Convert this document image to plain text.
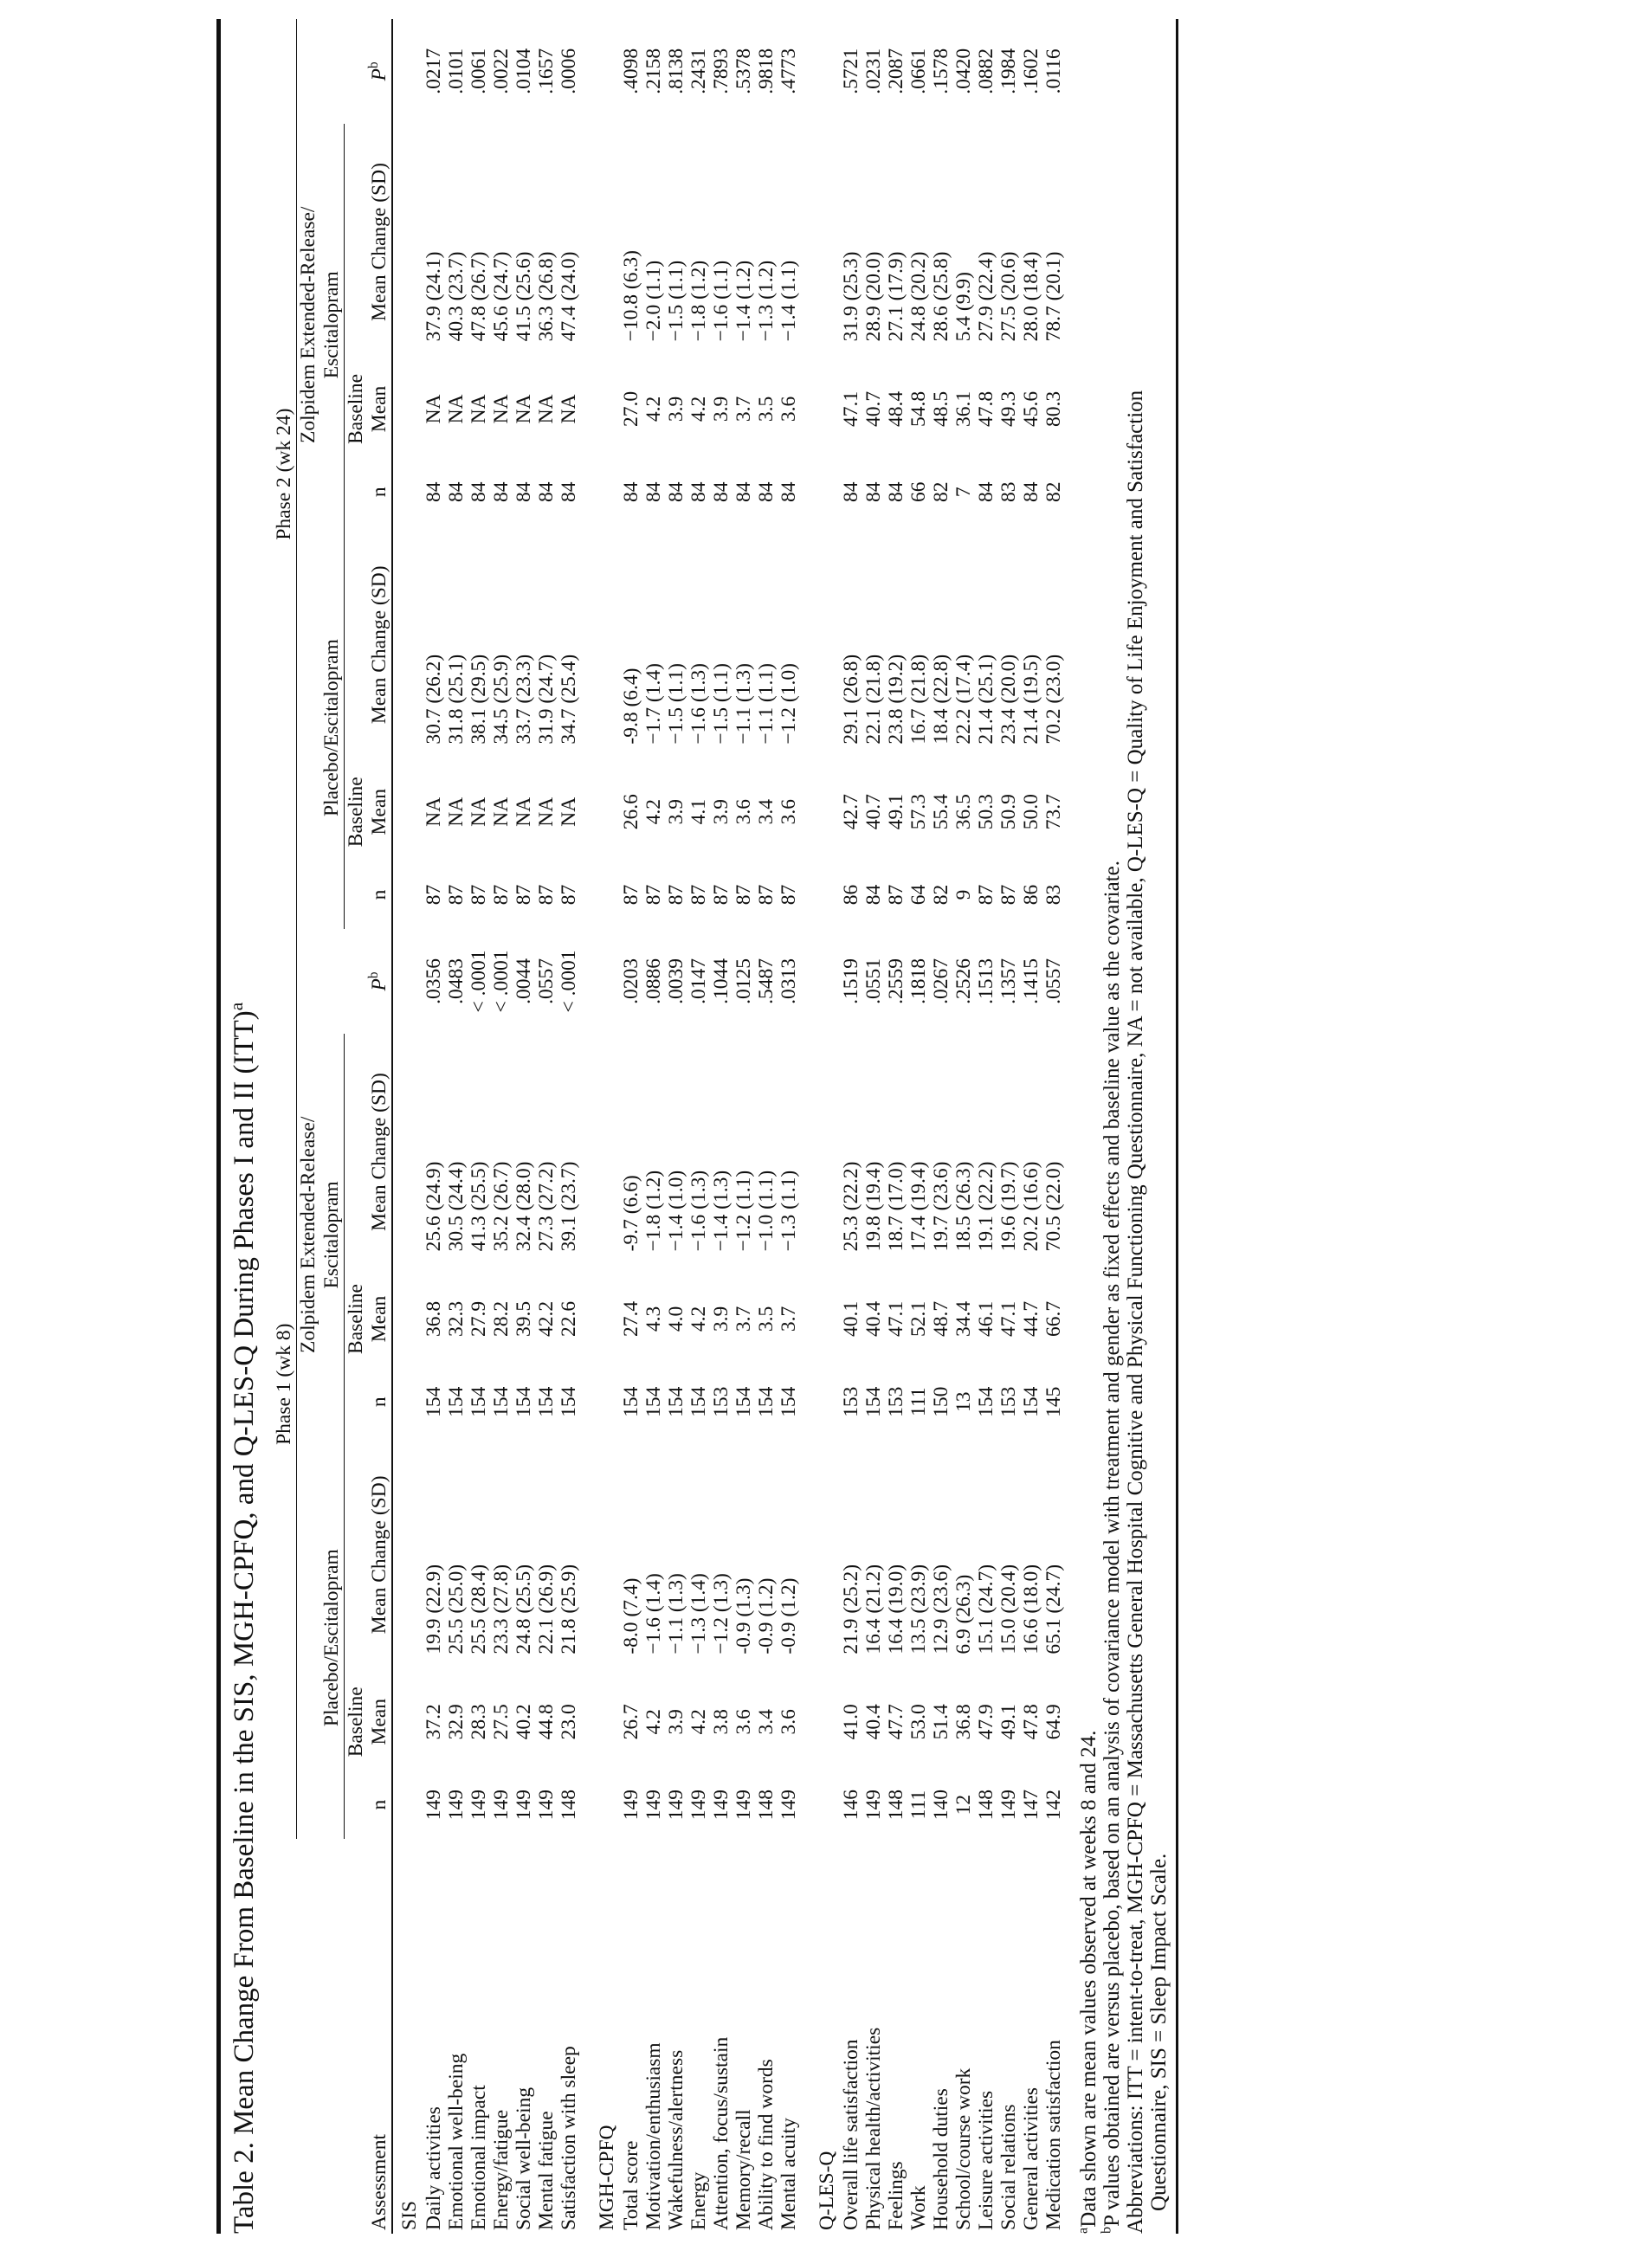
Table 2. Mean Change From Baseline in the SIS, MGH-CPFQ, and Q-LES-Q During Phases I and II (ITT)$^a$
	Phase 1 (wk 8)							Phase 2 (wk 24)						
				Zolpidem Extended-Release/							Zolpidem Extended-Release/			
	Placebo/Escitalopram			Escitalopram				Placebo/Escitalopram			Escitalopram			
		Baseline			Baseline				Baseline			Baseline		
Assessment	n	Mean	Mean Change (SD)	n	Mean	Mean Change (SD)	$P^b$	n	Mean	Mean Change (SD)	n	Mean	Mean Change (SD)	$P^b$
SIS														
Daily activities	149	37.2	19.9 (22.9)	154	36.8	25.6 (24.9)	.0356	87	NA	30.7 (26.2)	84	NA	37.9 (24.1)	.0217
Emotional well-being	149	32.9	25.5 (25.0)	154	32.3	30.5 (24.4)	.0483	87	NA	31.8 (25.1)	84	NA	40.3 (23.7)	.0101
Emotional impact	149	28.3	25.5 (28.4)	154	27.9	41.3 (25.5)	< .0001	87	NA	38.1 (29.5)	84	NA	47.8 (26.7)	.0061
Energy/fatigue	149	27.5	23.3 (27.8)	154	28.2	35.2 (26.7)	< .0001	87	NA	34.5 (25.9)	84	NA	45.6 (24.7)	.0022
Social well-being	149	40.2	24.8 (25.5)	154	39.5	32.4 (28.0)	.0044	87	NA	33.7 (23.3)	84	NA	41.5 (25.6)	.0104
Mental fatigue	149	44.8	22.1 (26.9)	154	42.2	27.3 (27.2)	.0557	87	NA	31.9 (24.7)	84	NA	36.3 (26.8)	.1657
Satisfaction with sleep	148	23.0	21.8 (25.9)	154	22.6	39.1 (23.7)	< .0001	87	NA	34.7 (25.4)	84	NA	47.4 (24.0)	.0006

MGH-CPFQ														
Total score	149	26.7	-8.0 (7.4)	154	27.4	-9.7 (6.6)	.0203	87	26.6	-9.8 (6.4)	84	27.0	−10.8 (6.3)	.4098
Motivation/enthusiasm	149	4.2	−1.6 (1.4)	154	4.3	−1.8 (1.2)	.0886	87	4.2	−1.7 (1.4)	84	4.2	−2.0 (1.1)	.2158
Wakefulness/alertness	149	3.9	−1.1 (1.3)	154	4.0	−1.4 (1.0)	.0039	87	3.9	−1.5 (1.1)	84	3.9	−1.5 (1.1)	.8138
Energy	149	4.2	−1.3 (1.4)	154	4.2	−1.6 (1.3)	.0147	87	4.1	−1.6 (1.3)	84	4.2	−1.8 (1.2)	.2431
Attention, focus/sustain	149	3.8	−1.2 (1.3)	153	3.9	−1.4 (1.3)	.1044	87	3.9	−1.5 (1.1)	84	3.9	−1.6 (1.1)	.7893
Memory/recall	149	3.6	-0.9 (1.3)	154	3.7	−1.2 (1.1)	.0125	87	3.6	−1.1 (1.3)	84	3.7	−1.4 (1.2)	.5378
Ability to find words	148	3.4	-0.9 (1.2)	154	3.5	−1.0 (1.1)	.5487	87	3.4	−1.1 (1.1)	84	3.5	−1.3 (1.2)	.9818
Mental acuity	149	3.6	-0.9 (1.2)	154	3.7	−1.3 (1.1)	.0313	87	3.6	−1.2 (1.0)	84	3.6	−1.4 (1.1)	.4773

Q-LES-Q														
Overall life satisfaction	146	41.0	21.9 (25.2)	153	40.1	25.3 (22.2)	.1519	86	42.7	29.1 (26.8)	84	47.1	31.9 (25.3)	.5721
Physical health/activities	149	40.4	16.4 (21.2)	154	40.4	19.8 (19.4)	.0551	84	40.7	22.1 (21.8)	84	40.7	28.9 (20.0)	.0231
Feelings	148	47.7	16.4 (19.0)	153	47.1	18.7 (17.0)	.2559	87	49.1	23.8 (19.2)	84	48.4	27.1 (17.9)	.2087
Work	111	53.0	13.5 (23.9)	111	52.1	17.4 (19.4)	.1818	64	57.3	16.7 (21.8)	66	54.8	24.8 (20.2)	.0661
Household duties	140	51.4	12.9 (23.6)	150	48.7	19.7 (23.6)	.0267	82	55.4	18.4 (22.8)	82	48.5	28.6 (25.8)	.1578
School/course work	12	36.8	6.9 (26.3)	13	34.4	18.5 (26.3)	.2526	9	36.5	22.2 (17.4)	7	36.1	5.4 (9.9)	.0420
Leisure activities	148	47.9	15.1 (24.7)	154	46.1	19.1 (22.2)	.1513	87	50.3	21.4 (25.1)	84	47.8	27.9 (22.4)	.0882
Social relations	149	49.1	15.0 (20.4)	153	47.1	19.6 (19.7)	.1357	87	50.9	23.4 (20.0)	83	49.3	27.5 (20.6)	.1984
General activities	147	47.8	16.6 (18.0)	154	44.7	20.2 (16.6)	.1415	86	50.0	21.4 (19.5)	84	45.6	28.0 (18.4)	.1602
Medication satisfaction	142	64.9	65.1 (24.7)	145	66.7	70.5 (22.0)	.0557	83	73.7	70.2 (23.0)	82	80.3	78.7 (20.1)	.0116
$^a$Data shown are mean values observed at weeks 8 and 24.
$^b$P values obtained are versus placebo, based on an analysis of covariance model with treatment and gender as fixed effects and baseline value as the covariate. Abbreviations: ITT = intent-to-treat, MGH-CPFQ = Massachusetts General Hospital Cognitive and Physical Functioning Questionnaire, NA = not available, Q-LES-Q = Quality of Life Enjoyment and Satisfaction Questionnaire, SIS = Sleep Impact Scale.
